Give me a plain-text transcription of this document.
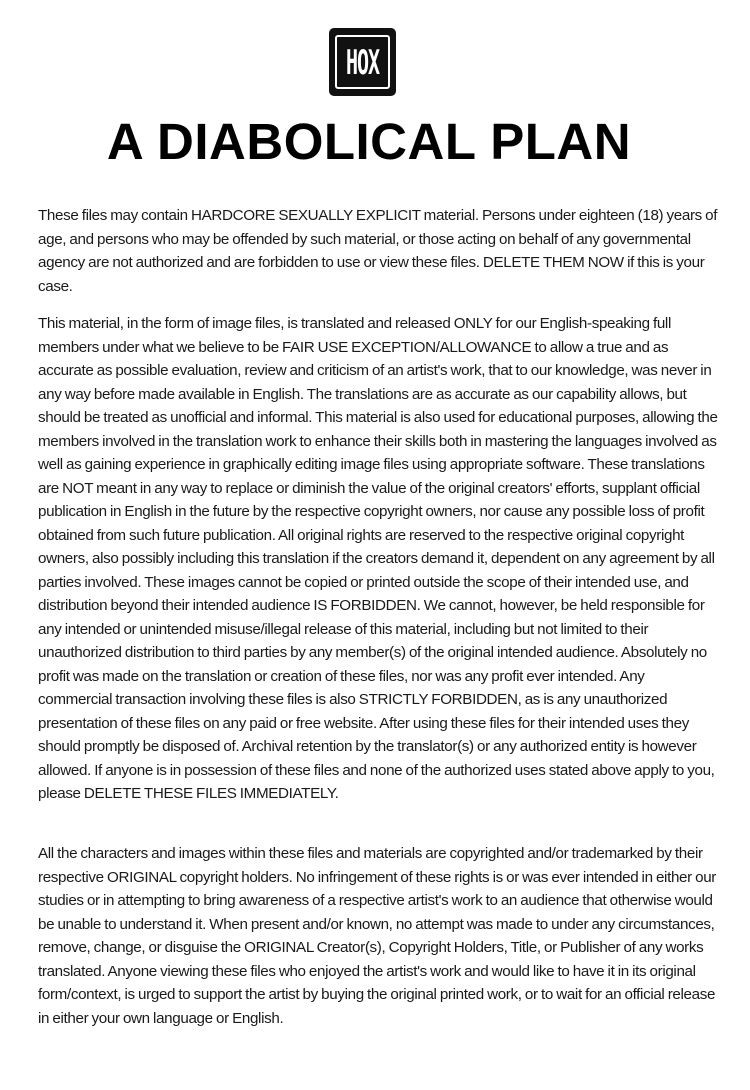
HOX
A DIABOLICAL PLAN

These files may contain HARDCORE SEXUALLY EXPLICIT material. Persons under eighteen (18) years of age, and persons who may be offended by such material, or those acting on behalf of any governmental agency are not authorized and are forbidden to use or view these files. DELETE THEM NOW if this is your case.

This material, in the form of image files, is translated and released ONLY for our English-speaking full members under what we believe to be FAIR USE EXCEPTION/ALLOWANCE to allow a true and as accurate as possible evaluation, review and criticism of an artist's work, that to our knowledge, was never in any way before made available in English. The translations are as accurate as our capability allows, but should be treated as unofficial and informal. This material is also used for educational purposes, allowing the members involved in the translation work to enhance their skills both in mastering the languages involved as well as gaining experience in graphically editing image files using appropriate software. These translations are NOT meant in any way to replace or diminish the value of the original creators' efforts, supplant official publication in English in the future by the respective copyright owners, nor cause any possible loss of profit obtained from such future publication. All original rights are reserved to the respective original copyright owners, also possibly including this translation if the creators demand it, dependent on any agreement by all parties involved. These images cannot be copied or printed outside the scope of their intended use, and distribution beyond their intended audience IS FORBIDDEN. We cannot, however, be held responsible for any intended or unintended misuse/illegal release of this material, including but not limited to their unauthorized distribution to third parties by any member(s) of the original intended audience. Absolutely no profit was made on the translation or creation of these files, nor was any profit ever intended. Any commercial transaction involving these files is also STRICTLY FORBIDDEN, as is any unauthorized presentation of these files on any paid or free website. After using these files for their intended uses they should promptly be disposed of. Archival retention by the translator(s) or any authorized entity is however allowed. If anyone is in possession of these files and none of the authorized uses stated above apply to you, please DELETE THESE FILES IMMEDIATELY.

All the characters and images within these files and materials are copyrighted and/or trademarked by their respective ORIGINAL copyright holders. No infringement of these rights is or was ever intended in either our studies or in attempting to bring awareness of a respective artist's work to an audience that otherwise would be unable to understand it. When present and/or known, no attempt was made to under any circumstances, remove, change, or disguise the ORIGINAL Creator(s), Copyright Holders, Title, or Publisher of any works translated. Anyone viewing these files who enjoyed the artist's work and would like to have it in its original form/context, is urged to support the artist by buying the original printed work, or to wait for an official release in either your own language or English.
